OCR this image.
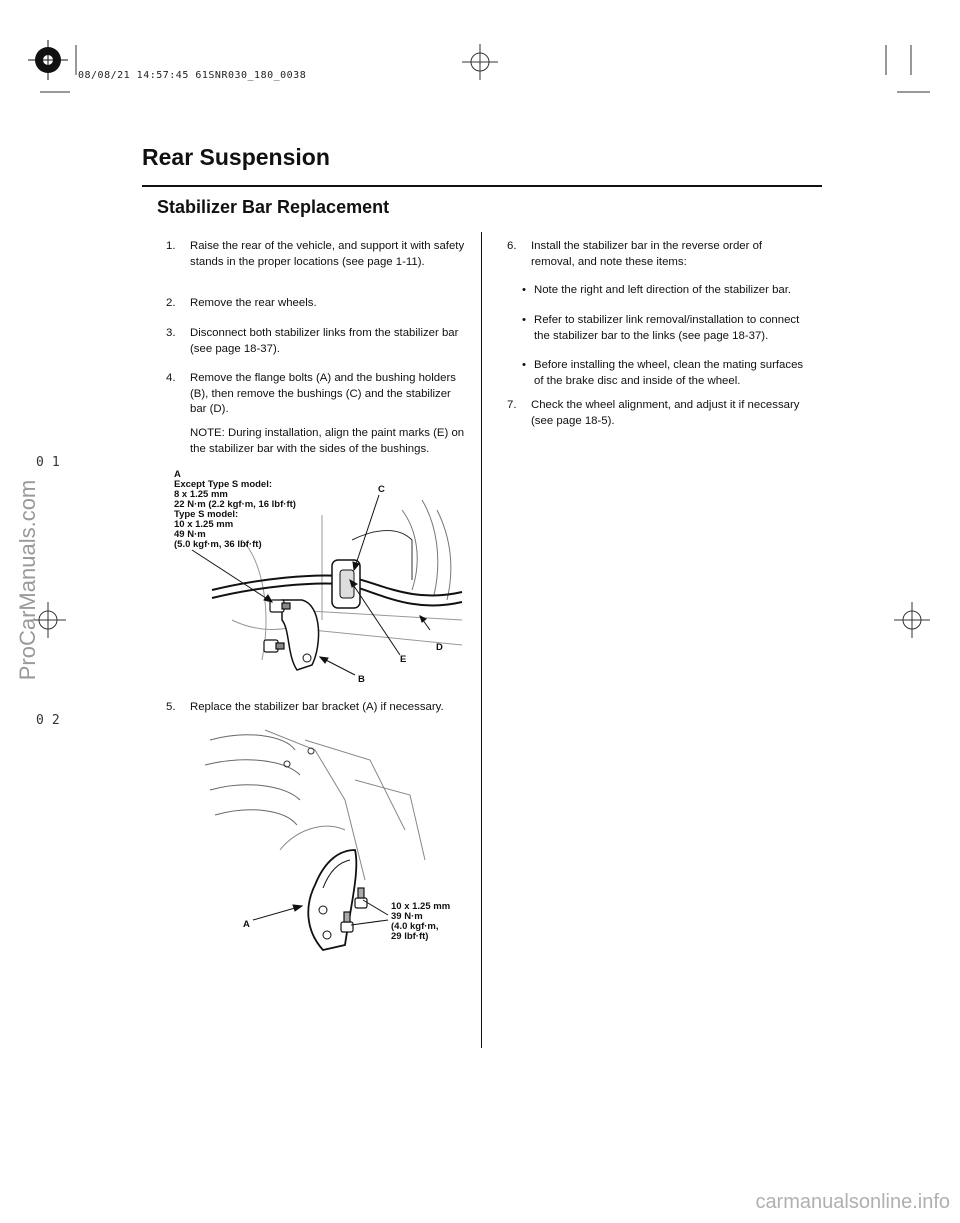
08/08/21 14:57:45 61SNR030_180_0038
Rear Suspension
Stabilizer Bar Replacement
1.	Raise the rear of the vehicle, and support it with safety stands in the proper locations (see page 1-11).
2.	Remove the rear wheels.
3.	Disconnect both stabilizer links from the stabilizer bar (see page 18-37).
4.	Remove the flange bolts (A) and the bushing holders (B), then remove the bushings (C) and the stabilizer bar (D).
NOTE: During installation, align the paint marks (E) on the stabilizer bar with the sides of the bushings.
A
Except Type S model:
8 x 1.25 mm
22 N·m (2.2 kgf·m, 16 lbf·ft)
Type S model:
10 x 1.25 mm
49 N·m
(5.0 kgf·m, 36 lbf·ft)
C
D
E
B
5.	Replace the stabilizer bar bracket (A) if necessary.
A
10 x 1.25 mm
39 N·m
(4.0 kgf·m,
29 lbf·ft)
6.	Install the stabilizer bar in the reverse order of removal, and note these items:
• Note the right and left direction of the stabilizer bar.
• Refer to stabilizer link removal/installation to connect the stabilizer bar to the links (see page 18-37).
• Before installing the wheel, clean the mating surfaces of the brake disc and inside of the wheel.
7.	Check the wheel alignment, and adjust it if necessary (see page 18-5).
01
02
ProCarManuals.com
carmanualsonline.info
